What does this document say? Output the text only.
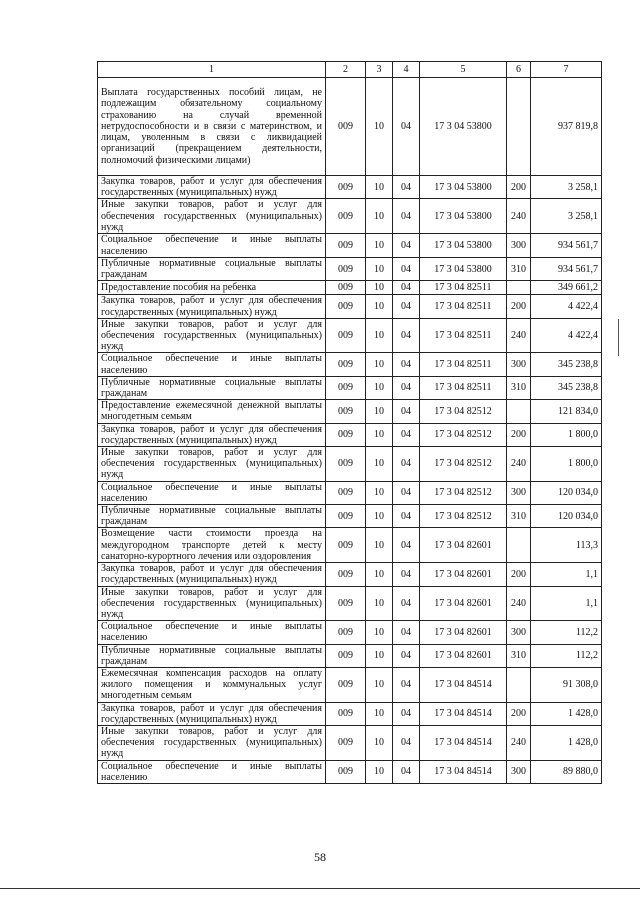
1	2	3	4	5	6	7
Выплата государственных пособий лицам, не подлежащим обязательному социальному страхованию на случай временной нетрудоспособности и в связи с материнством, и лицам, уволенным в связи с ликвидацией организаций (прекращением деятельности, полномочий физическими лицами)	009	10	04	17 3 04 53800		937 819,8
Закупка товаров, работ и услуг для обеспечения государственных (муниципальных) нужд	009	10	04	17 3 04 53800	200	3 258,1
Иные закупки товаров, работ и услуг для обеспечения государственных (муниципальных) нужд	009	10	04	17 3 04 53800	240	3 258,1
Социальное обеспечение и иные выплаты населению	009	10	04	17 3 04 53800	300	934 561,7
Публичные нормативные социальные выплаты гражданам	009	10	04	17 3 04 53800	310	934 561,7
Предоставление пособия на ребенка	009	10	04	17 3 04 82511		349 661,2
Закупка товаров, работ и услуг для обеспечения государственных (муниципальных) нужд	009	10	04	17 3 04 82511	200	4 422,4
Иные закупки товаров, работ и услуг для обеспечения государственных (муниципальных) нужд	009	10	04	17 3 04 82511	240	4 422,4
Социальное обеспечение и иные выплаты населению	009	10	04	17 3 04 82511	300	345 238,8
Публичные нормативные социальные выплаты гражданам	009	10	04	17 3 04 82511	310	345 238,8
Предоставление ежемесячной денежной выплаты многодетным семьям	009	10	04	17 3 04 82512		121 834,0
Закупка товаров, работ и услуг для обеспечения государственных (муниципальных) нужд	009	10	04	17 3 04 82512	200	1 800,0
Иные закупки товаров, работ и услуг для обеспечения государственных (муниципальных) нужд	009	10	04	17 3 04 82512	240	1 800,0
Социальное обеспечение и иные выплаты населению	009	10	04	17 3 04 82512	300	120 034,0
Публичные нормативные социальные выплаты гражданам	009	10	04	17 3 04 82512	310	120 034,0
Возмещение части стоимости проезда на междугородном транспорте детей к месту санаторно-курортного лечения или оздоровления	009	10	04	17 3 04 82601		113,3
Закупка товаров, работ и услуг для обеспечения государственных (муниципальных) нужд	009	10	04	17 3 04 82601	200	1,1
Иные закупки товаров, работ и услуг для обеспечения государственных (муниципальных) нужд	009	10	04	17 3 04 82601	240	1,1
Социальное обеспечение и иные выплаты населению	009	10	04	17 3 04 82601	300	112,2
Публичные нормативные социальные выплаты гражданам	009	10	04	17 3 04 82601	310	112,2
Ежемесячная компенсация расходов на оплату жилого помещения и коммунальных услуг многодетным семьям	009	10	04	17 3 04 84514		91 308,0
Закупка товаров, работ и услуг для обеспечения государственных (муниципальных) нужд	009	10	04	17 3 04 84514	200	1 428,0
Иные закупки товаров, работ и услуг для обеспечения государственных (муниципальных) нужд	009	10	04	17 3 04 84514	240	1 428,0
Социальное обеспечение и иные выплаты населению	009	10	04	17 3 04 84514	300	89 880,0
58
